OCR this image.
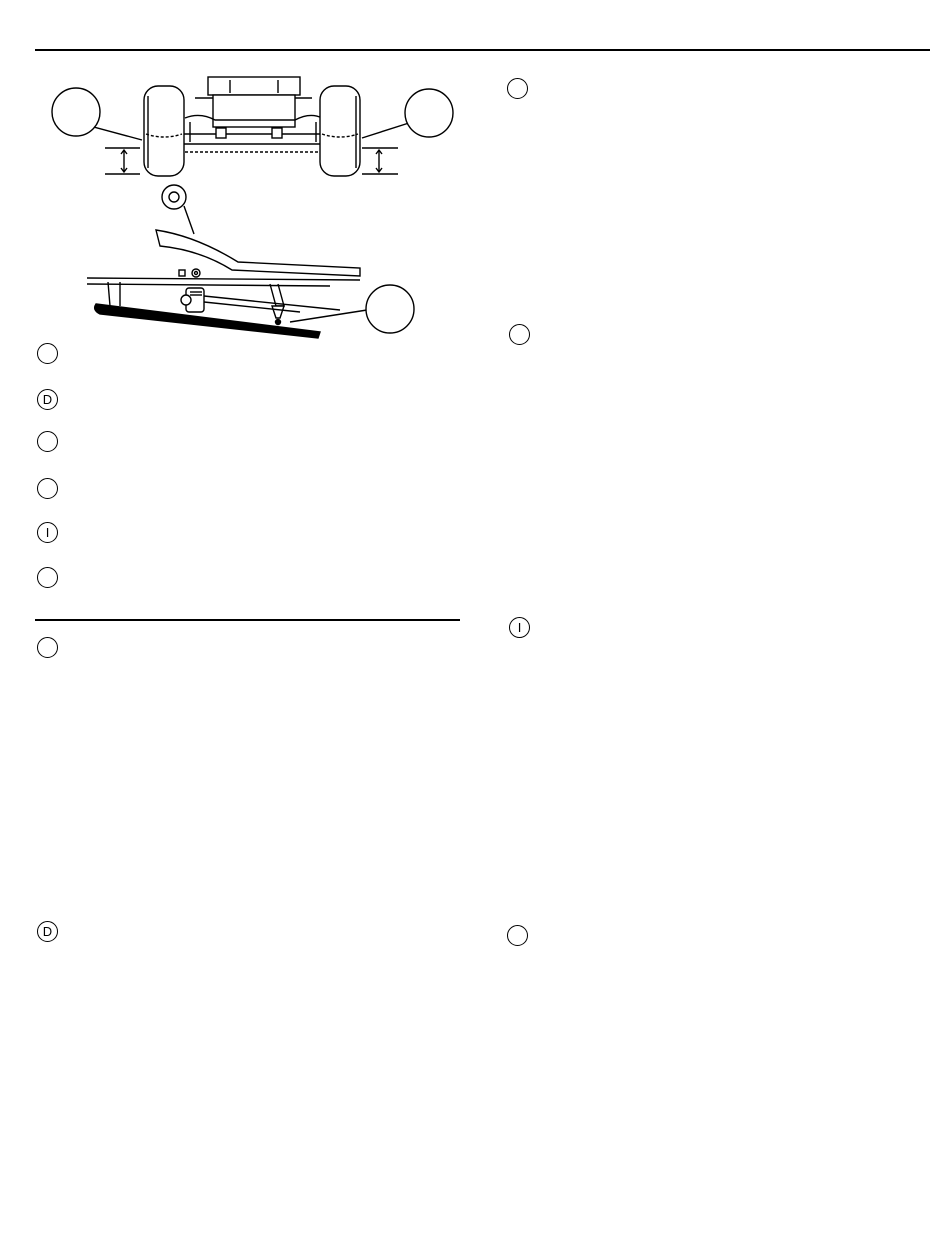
D
I
D
I
